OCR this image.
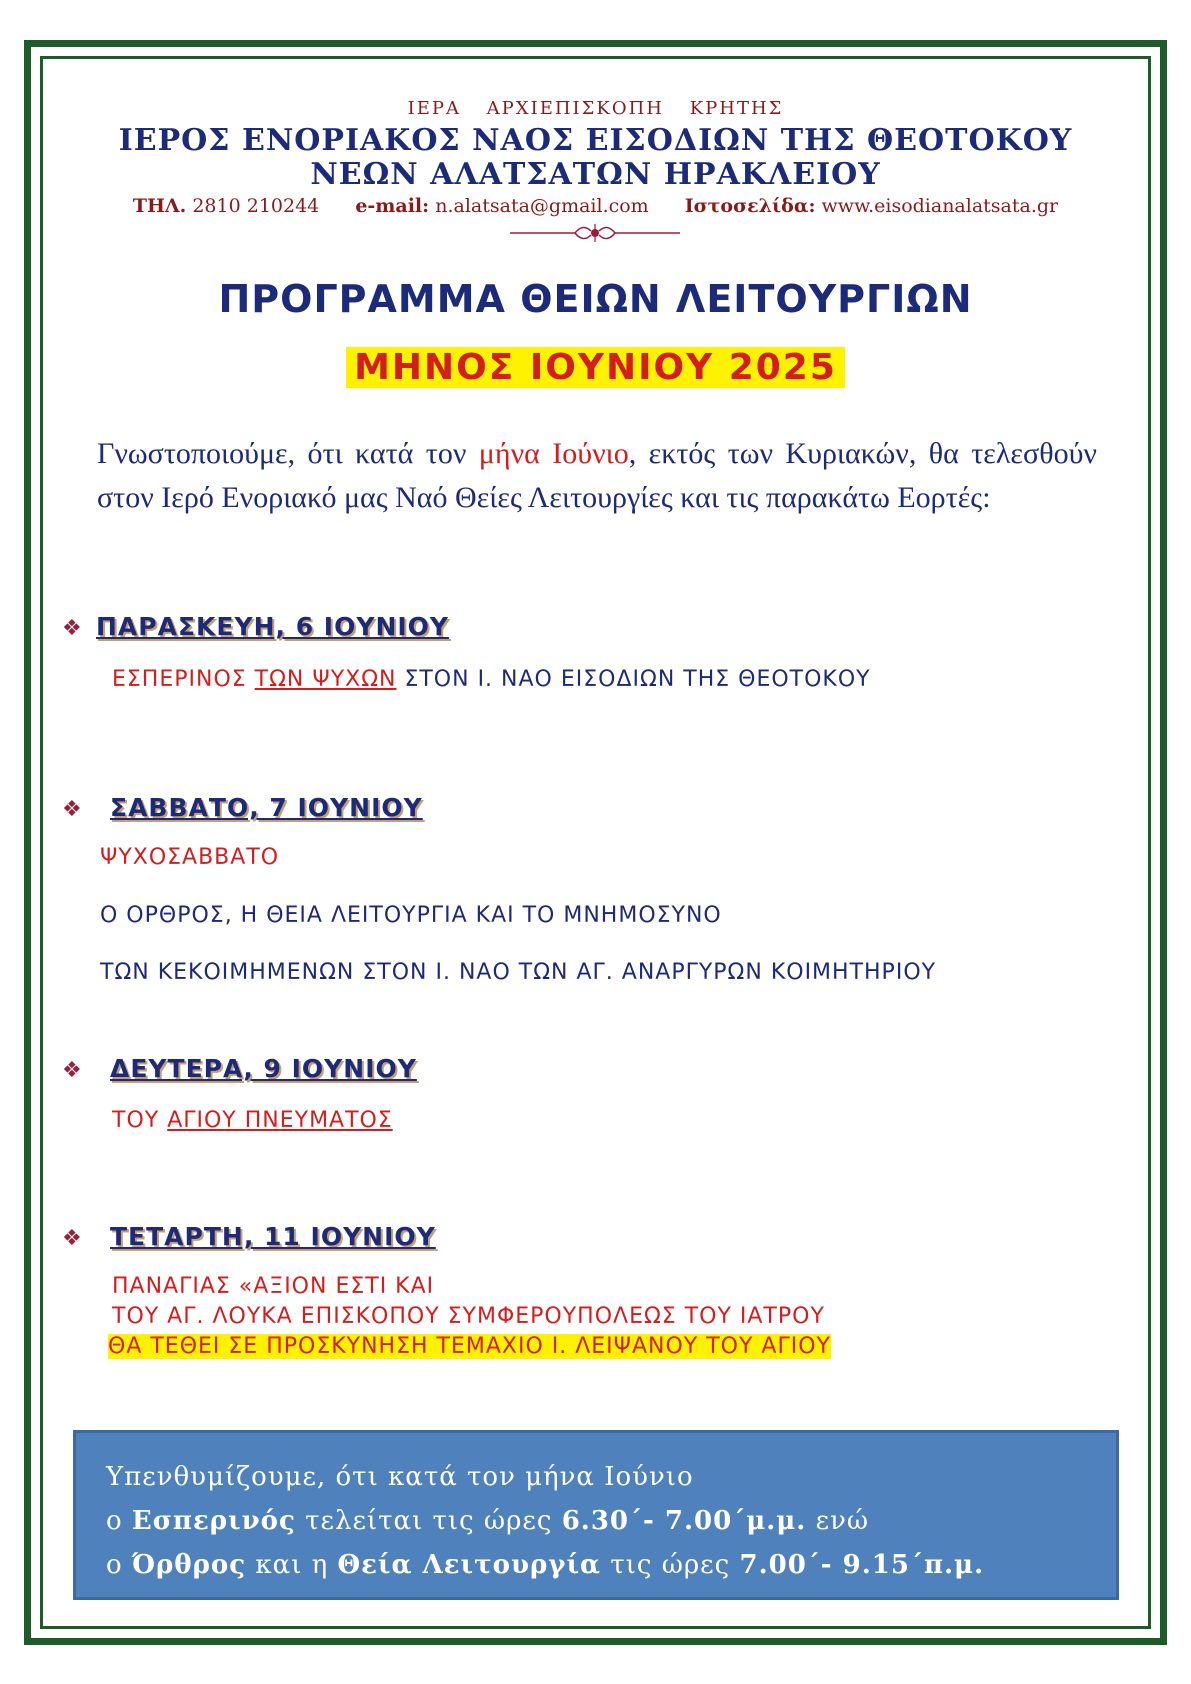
ΙΕΡΑ ΑΡΧΙΕΠΙΣΚΟΠΗ ΚΡΗΤΗΣ
ΙΕΡΟΣ ΕΝΟΡΙΑΚΟΣ ΝΑΟΣ ΕΙΣΟΔΙΩΝ ΤΗΣ ΘΕΟΤΟΚΟΥ
ΝΕΩΝ ΑΛΑΤΣΑΤΩΝ ΗΡΑΚΛΕΙΟΥ
ΤΗΛ. 2810 210244 e-mail: n.alatsata@gmail.com Ιστοσελίδα: www.eisodianalatsata.gr
ΠΡΟΓΡΑΜΜΑ ΘΕΙΩΝ ΛΕΙΤΟΥΡΓΙΩΝ
ΜΗΝΟΣ ΙΟΥΝΙΟΥ 2025
Γνωστοποιούμε, ότι κατά τον μήνα Ιούνιο, εκτός των Κυριακών, θα τελεσθούν στον Ιερό Ενοριακό μας Ναό Θείες Λειτουργίες και τις παρακάτω Εορτές:
❖
ΠΑΡΑΣΚΕΥΗ, 6 ΙΟΥΝΙΟΥ
ΕΣΠΕΡΙΝΟΣ ΤΩΝ ΨΥΧΩΝ ΣΤΟΝ Ι. ΝΑΟ ΕΙΣΟΔΙΩΝ ΤΗΣ ΘΕΟΤΟΚΟΥ
❖
ΣΑΒΒΑΤΟ, 7 ΙΟΥΝΙΟΥ
ΨΥΧΟΣΑΒΒΑΤΟ
Ο ΟΡΘΡΟΣ, Η ΘΕΙΑ ΛΕΙΤΟΥΡΓΙΑ ΚΑΙ ΤΟ ΜΝΗΜΟΣΥΝΟ
ΤΩΝ ΚΕΚΟΙΜΗΜΕΝΩΝ ΣΤΟΝ Ι. ΝΑΟ ΤΩΝ ΑΓ. ΑΝΑΡΓΥΡΩΝ ΚΟΙΜΗΤΗΡΙΟΥ
❖
ΔΕΥΤΕΡΑ, 9 ΙΟΥΝΙΟΥ
ΤΟΥ ΑΓΙΟΥ ΠΝΕΥΜΑΤΟΣ
❖
ΤΕΤΑΡΤΗ, 11 ΙΟΥΝΙΟΥ
ΠΑΝΑΓΙΑΣ «ΑΞΙΟΝ ΕΣΤΙ ΚΑΙ
ΤΟΥ ΑΓ. ΛΟΥΚΑ ΕΠΙΣΚΟΠΟΥ ΣΥΜΦΕΡΟΥΠΟΛΕΩΣ ΤΟΥ ΙΑΤΡΟΥ
ΘΑ ΤΕΘΕΙ ΣΕ ΠΡΟΣΚΥΝΗΣΗ ΤΕΜΑΧΙΟ Ι. ΛΕΙΨΑΝΟΥ ΤΟΥ ΑΓΙΟΥ
Υπενθυμίζουμε, ότι κατά τον μήνα Ιούνιο
ο Εσπερινός τελείται τις ώρες 6.30΄- 7.00΄μ.μ. ενώ
ο Όρθρος και η Θεία Λειτουργία τις ώρες 7.00΄- 9.15΄π.μ.
